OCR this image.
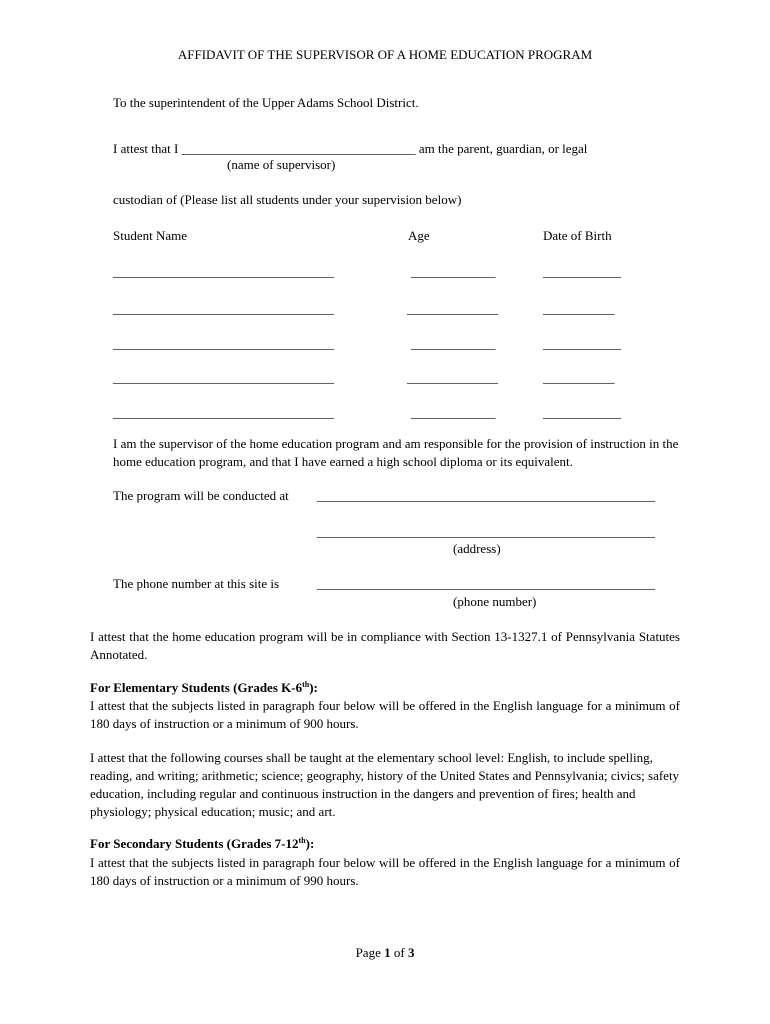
AFFIDAVIT OF THE SUPERVISOR OF A HOME EDUCATION PROGRAM
To the superintendent of the Upper Adams School District.
I attest that I ____________________________________ am the parent, guardian, or legal
(name of supervisor)
custodian of (Please list all students under your supervision below)
Student Name	Age	Date of Birth
__________________________________	_____________	____________
__________________________________	______________	___________
__________________________________	_____________	____________
__________________________________	______________	___________
__________________________________	_____________	____________
I am the supervisor of the home education program and am responsible for the provision of instruction in the home education program, and that I have earned a high school diploma or its equivalent.
The program will be conducted at ____________________________________________________
____________________________________________________
(address)
The phone number at this site is	____________________________________________________
(phone number)
I attest that the home education program will be in compliance with Section 13-1327.1 of Pennsylvania Statutes Annotated.
For Elementary Students (Grades K-6th):
I attest that the subjects listed in paragraph four below will be offered in the English language for a minimum of 180 days of instruction or a minimum of 900 hours.
I attest that the following courses shall be taught at the elementary school level: English, to include spelling, reading, and writing; arithmetic; science; geography, history of the United States and Pennsylvania; civics; safety education, including regular and continuous instruction in the dangers and prevention of fires; health and physiology; physical education; music; and art.
For Secondary Students (Grades 7-12th):
I attest that the subjects listed in paragraph four below will be offered in the English language for a minimum of 180 days of instruction or a minimum of 990 hours.
Page 1 of 3
